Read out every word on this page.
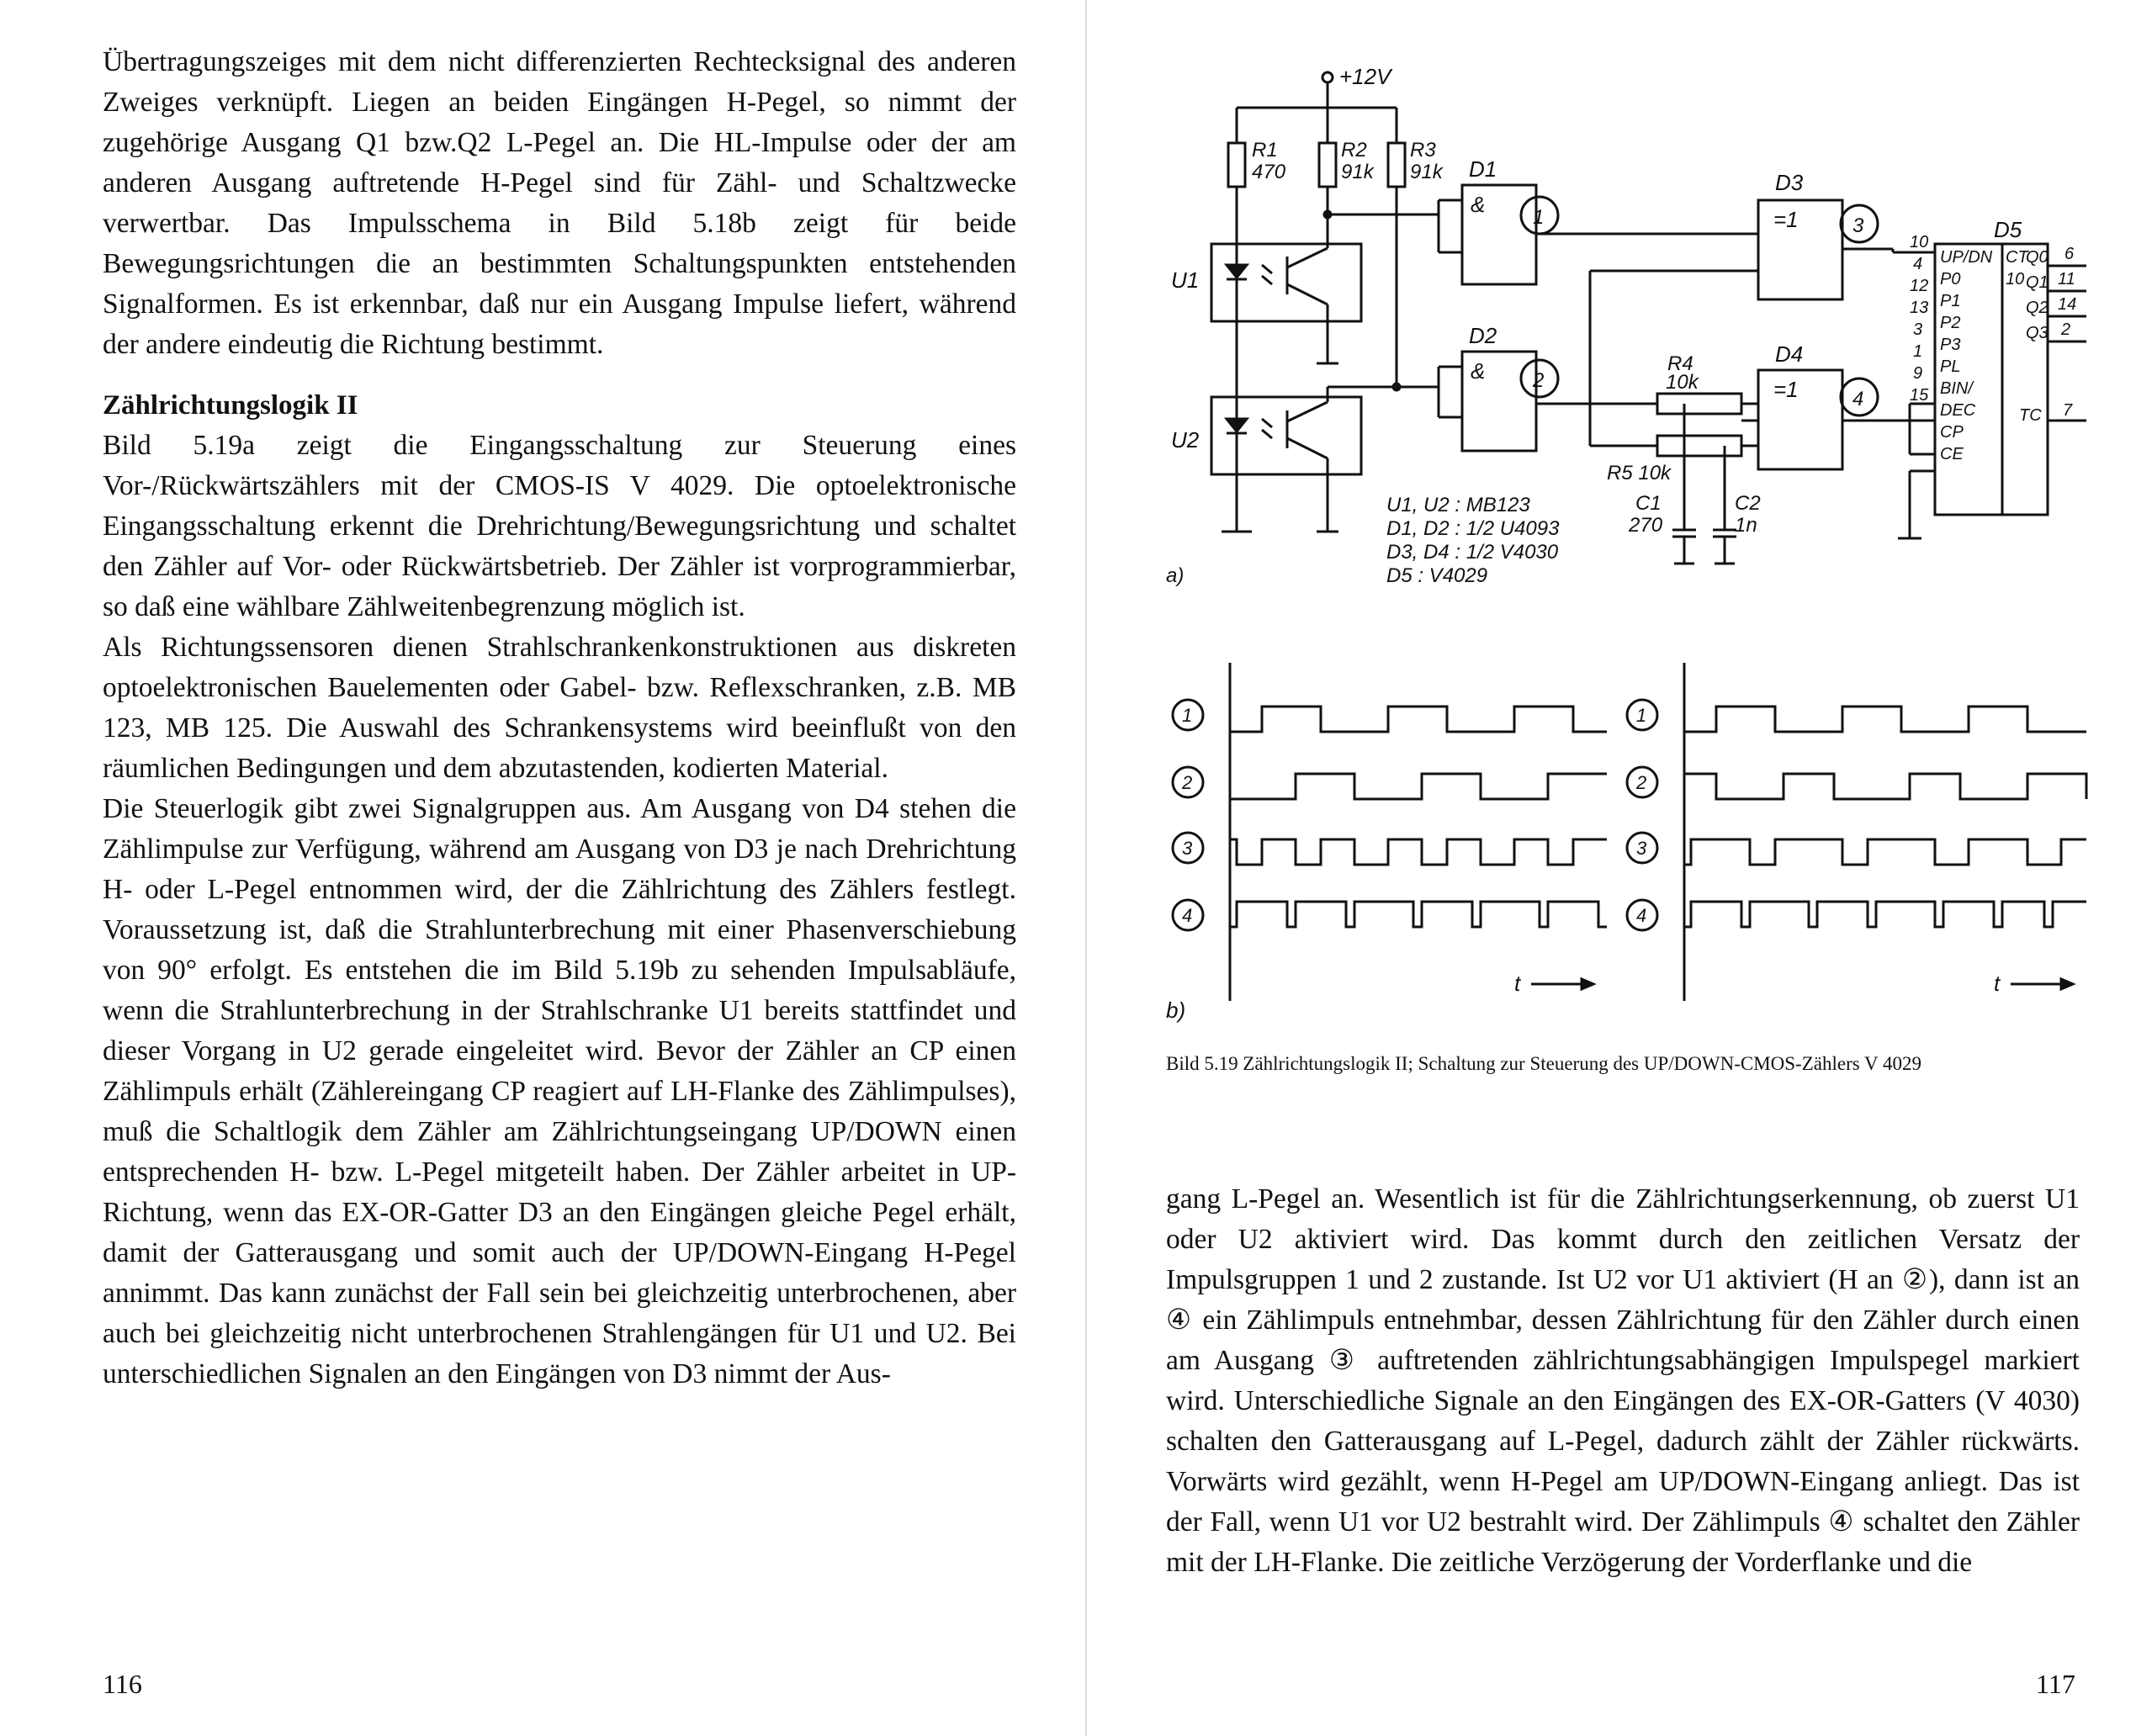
Übertragungszeiges mit dem nicht differenzierten Rechtecksignal des anderen Zweiges verknüpft. Liegen an beiden Eingängen H-Pegel, so nimmt der zugehörige Ausgang Q1 bzw.Q2 L-Pegel an. Die HL-Impulse oder der am anderen Ausgang auftretende H-Pegel sind für Zähl- und Schaltzwecke verwertbar. Das Impulsschema in Bild 5.18b zeigt für beide Bewegungsrichtungen die an bestimmten Schaltungspunkten entstehenden Signalformen. Es ist erkennbar, daß nur ein Ausgang Impulse liefert, während der andere eindeutig die Richtung bestimmt.

Zählrichtungslogik II

Bild 5.19a zeigt die Eingangsschaltung zur Steuerung eines Vor-/Rückwärtszählers mit der CMOS-IS V 4029. Die optoelektronische Eingangsschaltung erkennt die Drehrichtung/Bewegungsrichtung und schaltet den Zähler auf Vor- oder Rückwärtsbetrieb. Der Zähler ist vorprogrammierbar, so daß eine wählbare Zählweitenbegrenzung möglich ist.

Als Richtungssensoren dienen Strahlschrankenkonstruktionen aus diskreten optoelektronischen Bauelementen oder Gabel- bzw. Reflexschranken, z.B. MB 123, MB 125. Die Auswahl des Schrankensystems wird beeinflußt von den räumlichen Bedingungen und dem abzutastenden, kodierten Material.

Die Steuerlogik gibt zwei Signalgruppen aus. Am Ausgang von D4 stehen die Zählimpulse zur Verfügung, während am Ausgang von D3 je nach Drehrichtung H- oder L-Pegel entnommen wird, der die Zählrichtung des Zählers festlegt. Voraussetzung ist, daß die Strahlunterbrechung mit einer Phasenverschiebung von 90° erfolgt. Es entstehen die im Bild 5.19b zu sehenden Impulsabläufe, wenn die Strahlunterbrechung in der Strahlschranke U1 bereits stattfindet und dieser Vorgang in U2 gerade eingeleitet wird. Bevor der Zähler an CP einen Zählimpuls erhält (Zählereingang CP reagiert auf LH-Flanke des Zählimpulses), muß die Schaltlogik dem Zähler am Zählrichtungseingang UP/DOWN einen entsprechenden H- bzw. L-Pegel mitgeteilt haben. Der Zähler arbeitet in UP-Richtung, wenn das EX-OR-Gatter D3 an den Eingängen gleiche Pegel erhält, damit der Gatterausgang und somit auch der UP/DOWN-Eingang H-Pegel annimmt. Das kann zunächst der Fall sein bei gleichzeitig unterbrochenen, aber auch bei gleichzeitig nicht unterbrochenen Strahlengängen für U1 und U2. Bei unterschiedlichen Signalen an den Eingängen von D3 nimmt der Aus-

116
+12V
R1
470
R2
91k
R3
91k
U1
U2
&
D1
1
&
D2
2
R4
10k
R5 10k
=1
D3
3
=1
D4
4
C1
270
C2
1n
D5
UP/DN
P0
P1
P2
P3
PL
BIN/
DEC
CP
CE
10
4
12
13
3
1
9
15
CT
10
Q0
Q1
Q2
Q3
TC
6
11
14
2
7
U1, U2 : MB123
D1, D2 : 1/2 U4093
D3, D4 : 1/2 V4030
D5 : V4029
a)
1
2
3
4
1
2
3
4
t	t
b)
Bild 5.19 Zählrichtungslogik II; Schaltung zur Steuerung des UP/DOWN-CMOS-Zählers V 4029

gang L-Pegel an. Wesentlich ist für die Zählrichtungserkennung, ob zuerst U1 oder U2 aktiviert wird. Das kommt durch den zeitlichen Versatz der Impulsgruppen 1 und 2 zustande. Ist U2 vor U1 aktiviert (H an ②), dann ist an ④ ein Zählimpuls entnehmbar, dessen Zählrichtung für den Zähler durch einen am Ausgang ③ auftretenden zählrichtungsabhängigen Impulspegel markiert wird. Unterschiedliche Signale an den Eingängen des EX-OR-Gatters (V 4030) schalten den Gatterausgang auf L-Pegel, dadurch zählt der Zähler rückwärts. Vorwärts wird gezählt, wenn H-Pegel am UP/DOWN-Eingang anliegt. Das ist der Fall, wenn U1 vor U2 bestrahlt wird. Der Zählimpuls ④ schaltet den Zähler mit der LH-Flanke. Die zeitliche Verzögerung der Vorderflanke und die

117
